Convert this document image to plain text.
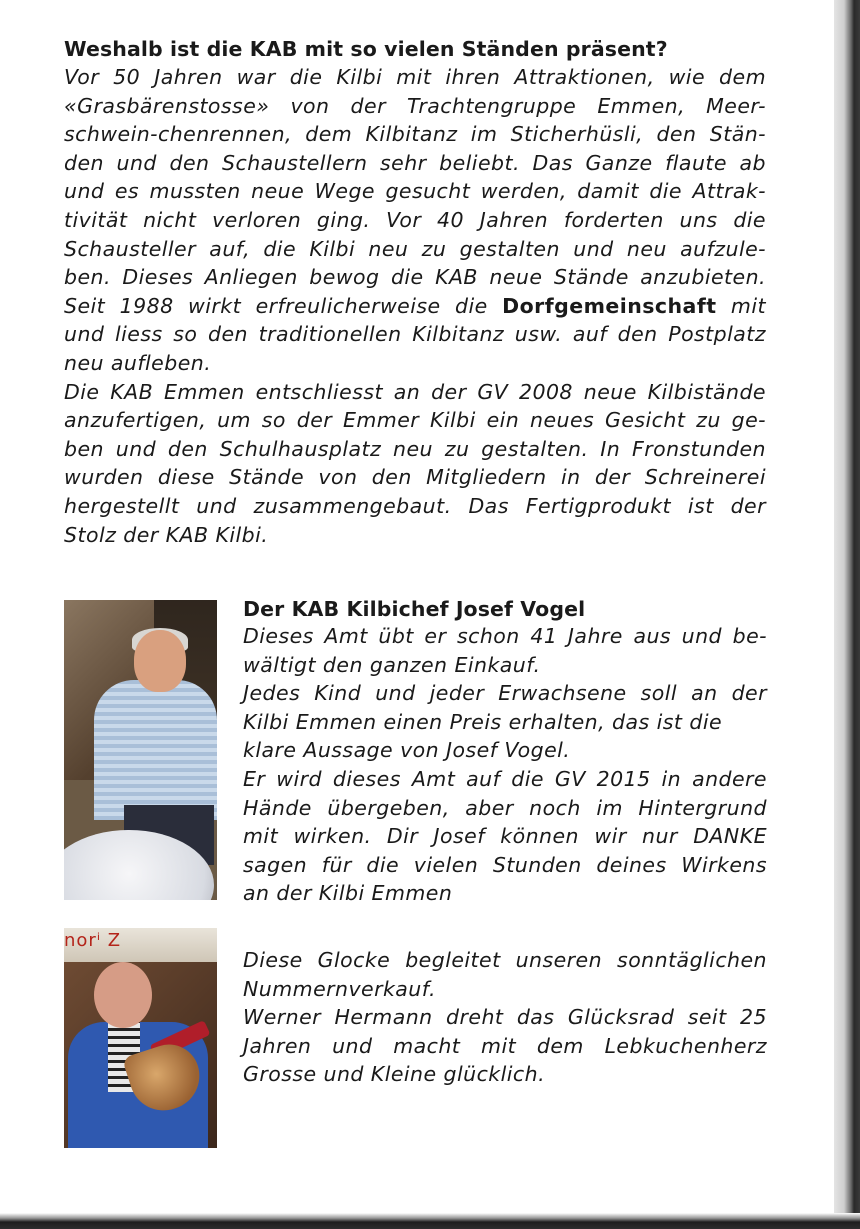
Weshalb ist die KAB mit so vielen Ständen präsent?
Vor 50 Jahren war die Kilbi mit ihren Attraktionen, wie dem
«Grasbärenstosse» von der Trachtengruppe Emmen, Meer-
schwein-chenrennen, dem Kilbitanz im Sticherhüsli, den Stän-
den und den Schaustellern sehr beliebt. Das Ganze flaute ab
und es mussten neue Wege gesucht werden, damit die Attrak-
tivität nicht verloren ging. Vor 40 Jahren forderten uns die
Schausteller auf, die Kilbi neu zu gestalten und neu aufzule-
ben. Dieses Anliegen bewog die KAB neue Stände anzubieten.
Seit 1988 wirkt erfreulicherweise die Dorfgemeinschaft mit
und liess so den traditionellen Kilbitanz usw. auf den Postplatz
neu aufleben.
Die KAB Emmen entschliesst an der GV 2008 neue Kilbistände
anzufertigen, um so der Emmer Kilbi ein neues Gesicht zu ge-
ben und den Schulhausplatz neu zu gestalten. In Fronstunden
wurden diese Stände von den Mitgliedern in der Schreinerei
hergestellt und zusammengebaut. Das Fertigprodukt ist der
Stolz der KAB Kilbi.
Der KAB Kilbichef Josef Vogel
Dieses Amt übt er schon 41 Jahre aus und be-
wältigt den ganzen Einkauf.
Jedes Kind und jeder Erwachsene soll an der
Kilbi Emmen einen Preis erhalten, das ist die
klare Aussage von Josef Vogel.
Er wird dieses Amt auf die GV 2015 in andere
Hände übergeben, aber noch im Hintergrund
mit wirken. Dir Josef können wir nur DANKE
sagen für die vielen Stunden deines Wirkens
an der Kilbi Emmen
norⁱ Z
Diese Glocke begleitet unseren sonntäglichen
Nummernverkauf.
Werner Hermann dreht das Glücksrad seit 25
Jahren und macht mit dem Lebkuchenherz
Grosse und Kleine glücklich.
